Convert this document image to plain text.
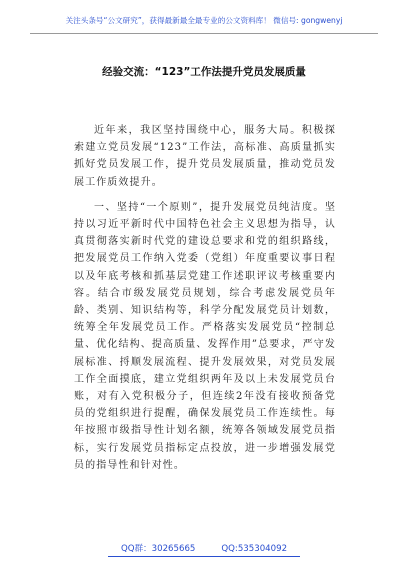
关注头条号“公文研究”，获得最新最全最专业的公文资料库！ 微信号: gongwenyj
经验交流：“123”工作法提升党员发展质量

近年来，我区坚持围绕中心，服务大局。积极探索建立党员发展“123”工作法，高标准、高质量抓实抓好党员发展工作，提升党员发展质量，推动党员发展工作质效提升。

一、坚持“一个原则”，提升发展党员纯洁度。坚持以习近平新时代中国特色社会主义思想为指导，认真贯彻落实新时代党的建设总要求和党的组织路线，把发展党员工作纳入党委（党组）年度重要议事日程以及年底考核和抓基层党建工作述职评议考核重要内容。结合市级发展党员规划，综合考虑发展党员年龄、类别、知识结构等，科学分配发展党员计划数，统筹全年发展党员工作。严格落实发展党员“控制总量、优化结构、提高质量、发挥作用”总要求，严守发展标准、捋顺发展流程、提升发展效果，对党员发展工作全面摸底，建立党组织两年及以上未发展党员台账，对有入党积极分子，但连续2年没有接收预备党员的党组织进行提醒，确保发展党员工作连续性。每年按照市级指导性计划名额，统筹各领域发展党员指标，实行发展党员指标定点投放，进一步增强发展党员的指导性和针对性。

QQ群：30265665	QQ:535304092
